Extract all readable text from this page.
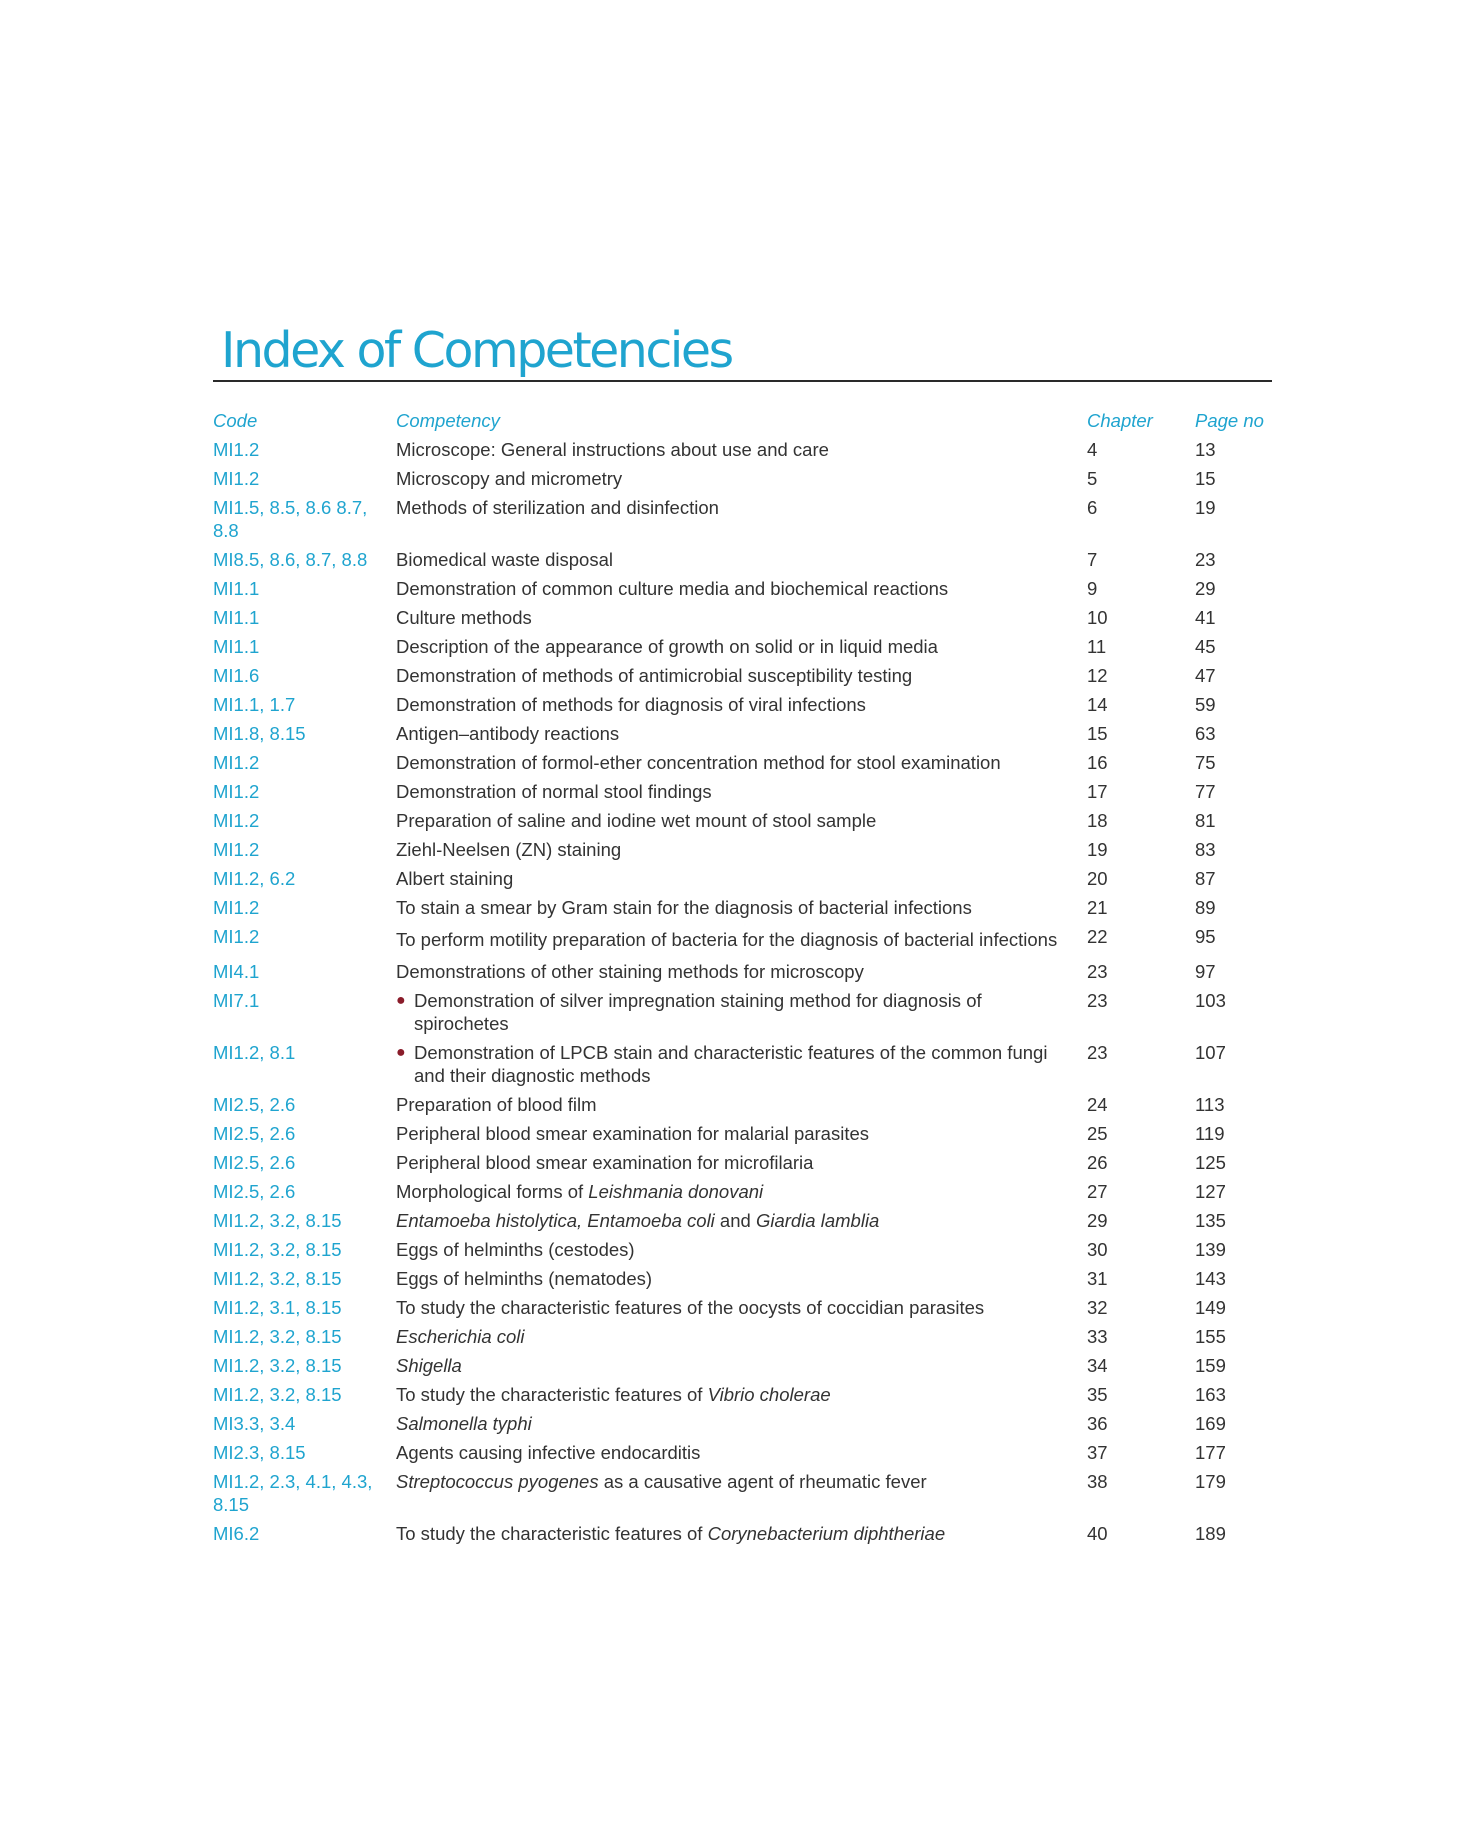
Index of Competencies
Code	Competency	Chapter	Page no
MI1.2	Microscope: General instructions about use and care	4	13
MI1.2	Microscopy and micrometry	5	15
MI1.5, 8.5, 8.6 8.7, 8.8	Methods of sterilization and disinfection	6	19
MI8.5, 8.6, 8.7, 8.8	Biomedical waste disposal	7	23
MI1.1	Demonstration of common culture media and biochemical reactions	9	29
MI1.1	Culture methods	10	41
MI1.1	Description of the appearance of growth on solid or in liquid media	11	45
MI1.6	Demonstration of methods of antimicrobial susceptibility testing	12	47
MI1.1, 1.7	Demonstration of methods for diagnosis of viral infections	14	59
MI1.8, 8.15	Antigen–antibody reactions	15	63
MI1.2	Demonstration of formol-ether concentration method for stool examination	16	75
MI1.2	Demonstration of normal stool findings	17	77
MI1.2	Preparation of saline and iodine wet mount of stool sample	18	81
MI1.2	Ziehl-Neelsen (ZN) staining	19	83
MI1.2, 6.2	Albert staining	20	87
MI1.2	To stain a smear by Gram stain for the diagnosis of bacterial infections	21	89
MI1.2	To perform motility preparation of bacteria for the diagnosis of bacterial infections	22	95
MI4.1	Demonstrations of other staining methods for microscopy	23	97
MI7.1	● Demonstration of silver impregnation staining method for diagnosis of spirochetes	23	103
MI1.2, 8.1	● Demonstration of LPCB stain and characteristic features of the common fungi and their diagnostic methods	23	107
MI2.5, 2.6	Preparation of blood film	24	113
MI2.5, 2.6	Peripheral blood smear examination for malarial parasites	25	119
MI2.5, 2.6	Peripheral blood smear examination for microfilaria	26	125
MI2.5, 2.6	Morphological forms of Leishmania donovani	27	127
MI1.2, 3.2, 8.15	Entamoeba histolytica, Entamoeba coli and Giardia lamblia	29	135
MI1.2, 3.2, 8.15	Eggs of helminths (cestodes)	30	139
MI1.2, 3.2, 8.15	Eggs of helminths (nematodes)	31	143
MI1.2, 3.1, 8.15	To study the characteristic features of the oocysts of coccidian parasites	32	149
MI1.2, 3.2, 8.15	Escherichia coli	33	155
MI1.2, 3.2, 8.15	Shigella	34	159
MI1.2, 3.2, 8.15	To study the characteristic features of Vibrio cholerae	35	163
MI3.3, 3.4	Salmonella typhi	36	169
MI2.3, 8.15	Agents causing infective endocarditis	37	177
MI1.2, 2.3, 4.1, 4.3, 8.15	Streptococcus pyogenes as a causative agent of rheumatic fever	38	179
MI6.2	To study the characteristic features of Corynebacterium diphtheriae	40	189
